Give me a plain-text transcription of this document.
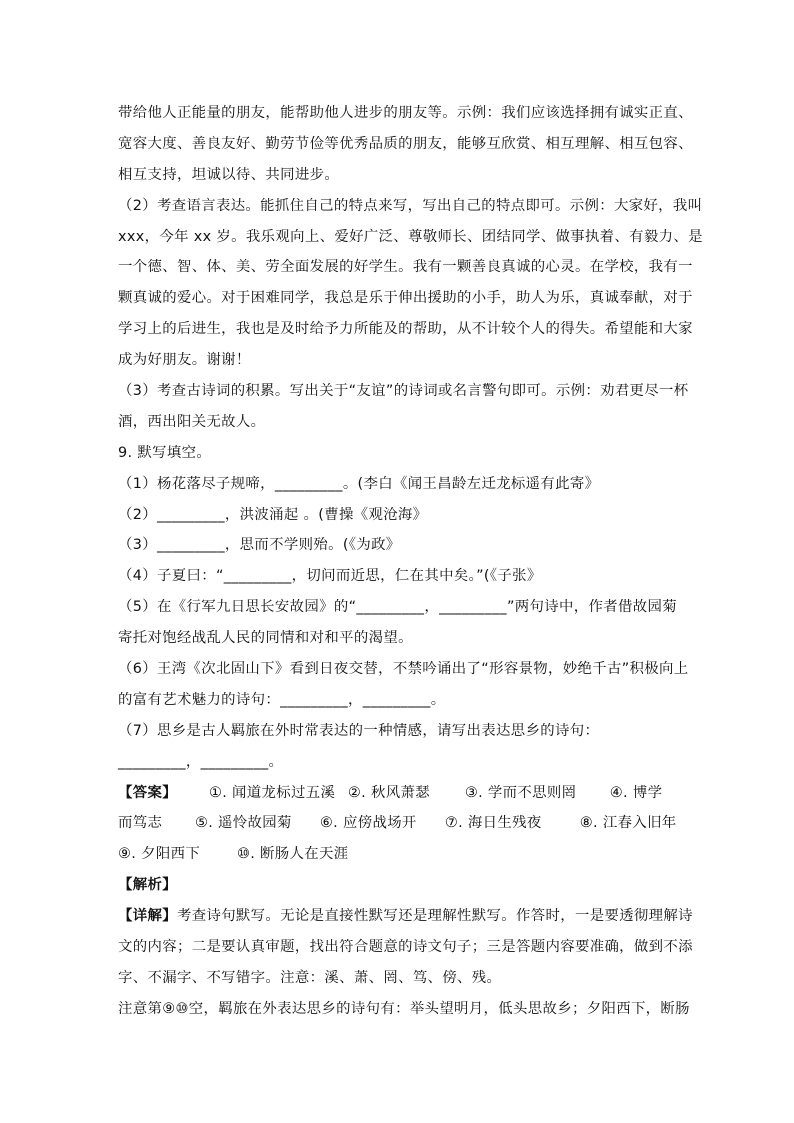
带给他人正能量的朋友，能帮助他人进步的朋友等。示例：我们应该选择拥有诚实正直、
宽容大度、善良友好、勤劳节俭等优秀品质的朋友，能够互欣赏、相互理解、相互包容、
相互支持，坦诚以待、共同进步。
（2）考查语言表达。能抓住自己的特点来写，写出自己的特点即可。示例：大家好，我叫
xxx，今年 xx 岁。我乐观向上、爱好广泛、尊敬师长、团结同学、做事执着、有毅力、是
一个德、智、体、美、劳全面发展的好学生。我有一颗善良真诚的心灵。在学校，我有一
颗真诚的爱心。对于困难同学，我总是乐于伸出援助的小手，助人为乐，真诚奉献，对于
学习上的后进生，我也是及时给予力所能及的帮助，从不计较个人的得失。希望能和大家
成为好朋友。谢谢！
（3）考查古诗词的积累。写出关于“友谊”的诗词或名言警句即可。示例：劝君更尽一杯
酒，西出阳关无故人。
9. 默写填空。
（1）杨花落尽子规啼，_________。(李白《闻王昌龄左迁龙标遥有此寄》
（2）_________，洪波涌起 。(曹操《观沧海》
（3）_________，思而不学则殆。(《为政》
（4）子夏曰：“_________，切问而近思，仁在其中矣。”(《子张》
（5）在《行军九日思长安故园》的“_________，_________”两句诗中，作者借故园菊
寄托对饱经战乱人民的同情和对和平的渴望。
（6）王湾《次北固山下》看到日夜交替，不禁吟诵出了“形容景物，妙绝千古”积极向上
的富有艺术魅力的诗句：_________，_________。
（7）思乡是古人羁旅在外时常表达的一种情感，请写出表达思乡的诗句：
_________，_________。
【答案】 ①. 闻道龙标过五溪 ②. 秋风萧瑟 ③. 学而不思则罔 ④. 博学
而笃志 ⑤. 遥怜故园菊 ⑥. 应傍战场开 ⑦. 海日生残夜	⑧. 江春入旧年
⑨. 夕阳西下	⑩. 断肠人在天涯
【解析】
【详解】考查诗句默写。无论是直接性默写还是理解性默写。作答时，一是要透彻理解诗
文的内容；二是要认真审题，找出符合题意的诗文句子；三是答题内容要准确，做到不添
字、不漏字、不写错字。注意：溪、萧、罔、笃、傍、残。
注意第⑨⑩空，羁旅在外表达思乡的诗句有：举头望明月，低头思故乡；夕阳西下，断肠
